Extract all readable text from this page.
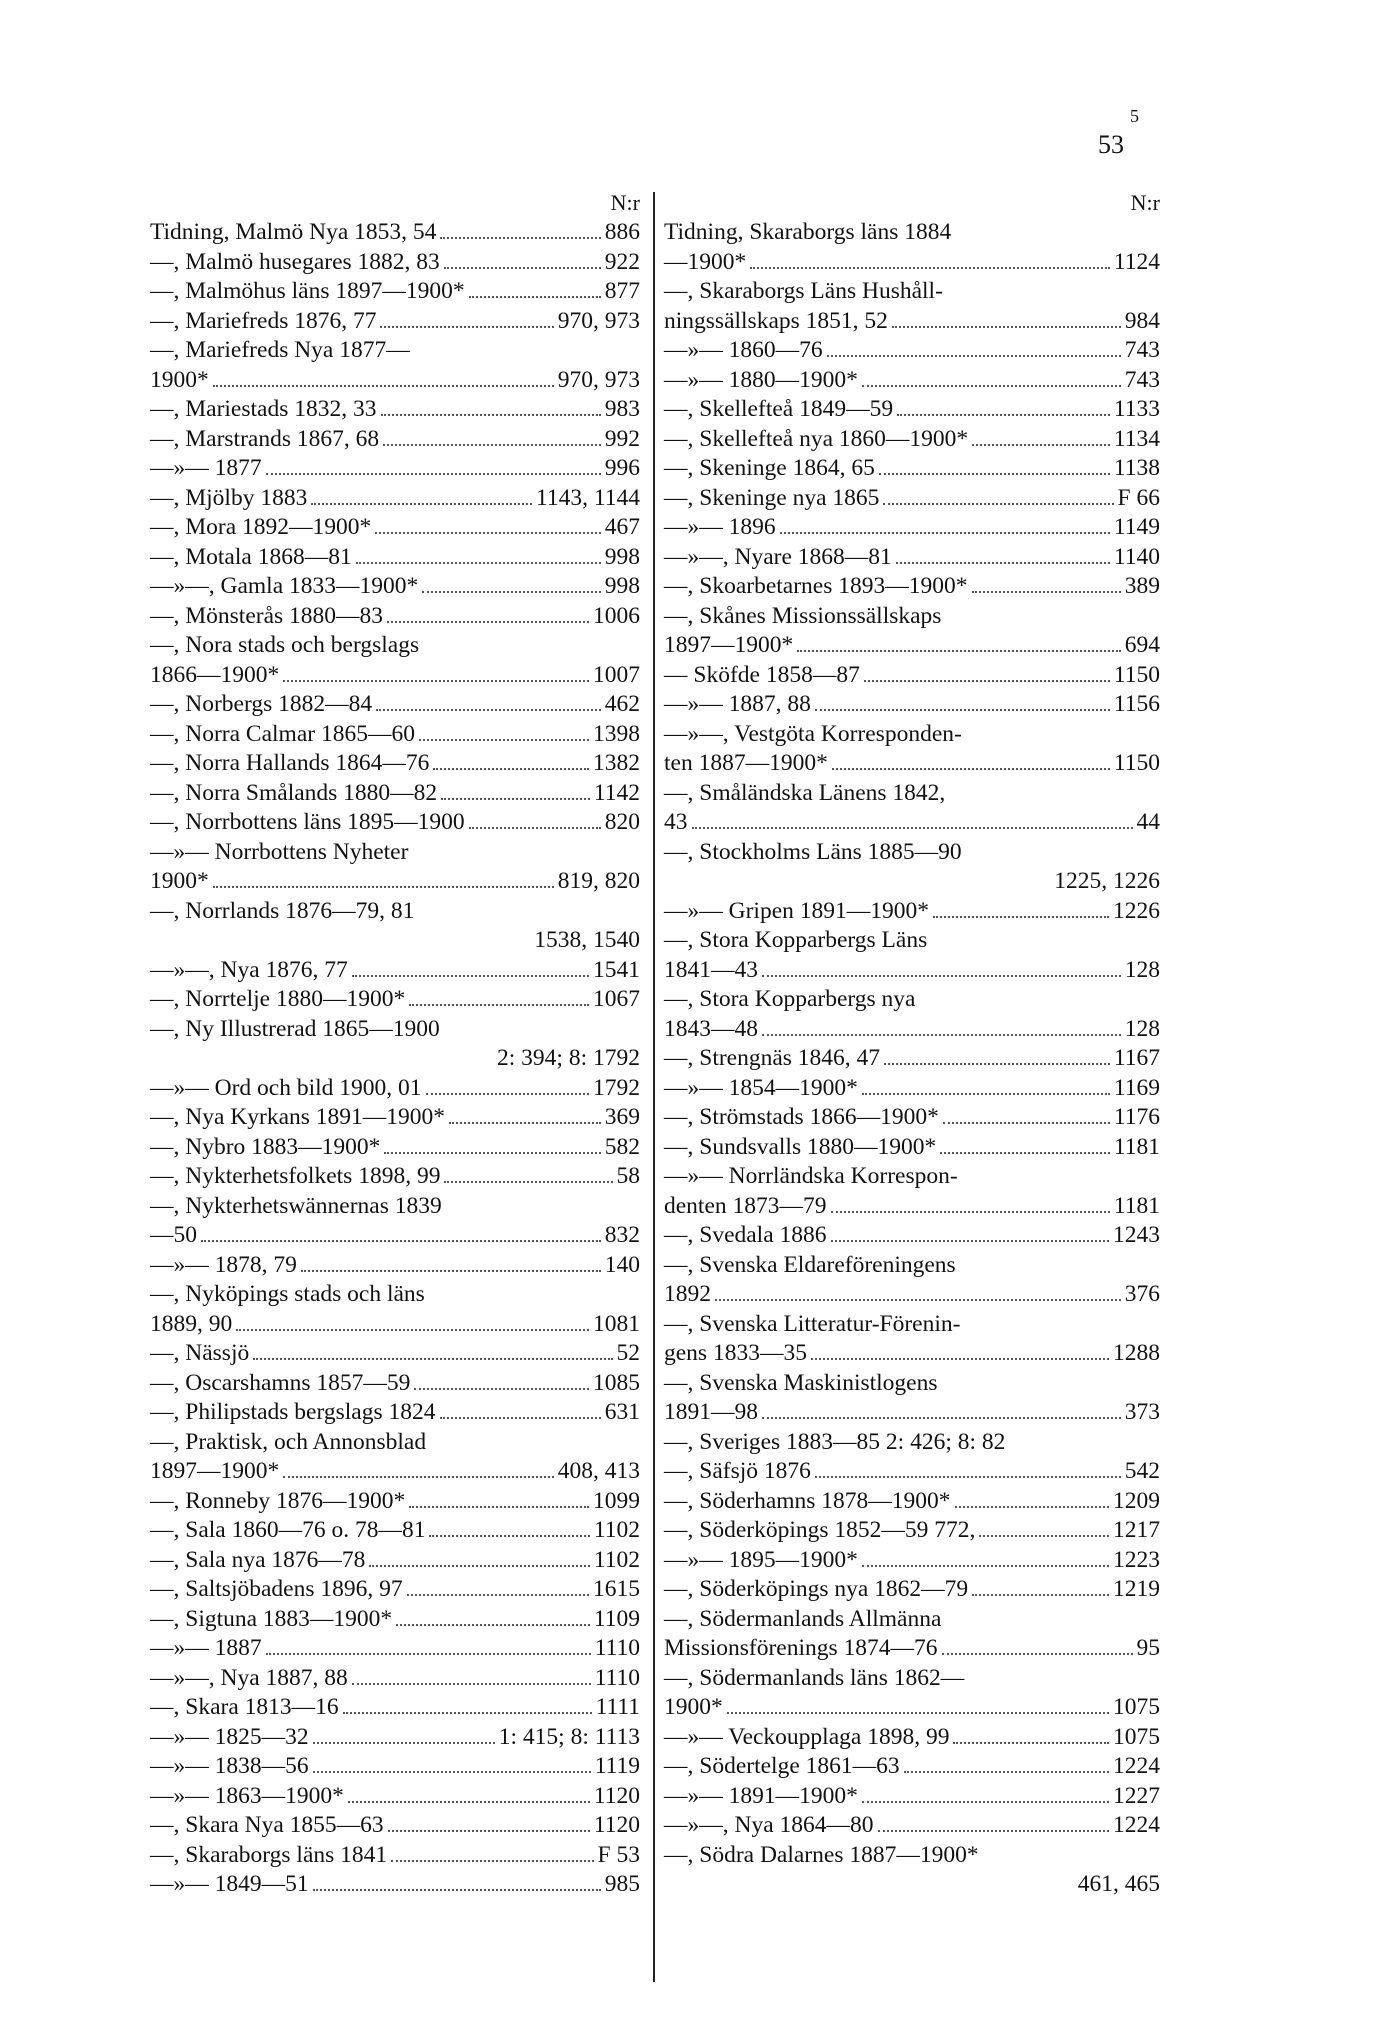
5
53
N:r
Tidning, Malmö Nya 1853, 54	886
—, Malmö husegares 1882, 83	922
—, Malmöhus läns 1897—1900*	877
—, Mariefreds 1876, 77	970, 973
—, Mariefreds Nya 1877—
1900*	970, 973
—, Mariestads 1832, 33	983
—, Marstrands 1867, 68	992
—»— 1877	996
—, Mjölby 1883	1143, 1144
—, Mora 1892—1900*	467
—, Motala 1868—81	998
—»—, Gamla 1833—1900*	998
—, Mönsterås 1880—83	1006
—, Nora stads och bergslags
1866—1900*	1007
—, Norbergs 1882—84	462
—, Norra Calmar 1865—60	1398
—, Norra Hallands 1864—76	1382
—, Norra Smålands 1880—82	1142
—, Norrbottens läns 1895—1900	820
—»— Norrbottens Nyheter
1900*	819, 820
—, Norrlands 1876—79, 81
1538, 1540
—»—, Nya 1876, 77	1541
—, Norrtelje 1880—1900*	1067
—, Ny Illustrerad 1865—1900
2: 394; 8: 1792
—»— Ord och bild 1900, 01	1792
—, Nya Kyrkans 1891—1900*	369
—, Nybro 1883—1900*	582
—, Nykterhetsfolkets 1898, 99	58
—, Nykterhetswännernas 1839
—50	832
—»— 1878, 79	140
—, Nyköpings stads och läns
1889, 90	1081
—, Nässjö	52
—, Oscarshamns 1857—59	1085
—, Philipstads bergslags 1824	631
—, Praktisk, och Annonsblad
1897—1900*	408, 413
—, Ronneby 1876—1900*	1099
—, Sala 1860—76 o. 78—81	1102
—, Sala nya 1876—78	1102
—, Saltsjöbadens 1896, 97	1615
—, Sigtuna 1883—1900*	1109
—»— 1887	1110
—»—, Nya 1887, 88	1110
—, Skara 1813—16	1111
—»— 1825—32	1: 415; 8: 1113
—»— 1838—56	1119
—»— 1863—1900*	1120
—, Skara Nya 1855—63	1120
—, Skaraborgs läns 1841	F 53
—»— 1849—51	985
N:r
Tidning, Skaraborgs läns 1884
—1900*	1124
—, Skaraborgs Läns Hushåll-
ningssällskaps 1851, 52	984
—»— 1860—76	743
—»— 1880—1900*	743
—, Skellefteå 1849—59	1133
—, Skellefteå nya 1860—1900*	1134
—, Skeninge 1864, 65	1138
—, Skeninge nya 1865	F 66
—»— 1896	1149
—»—, Nyare 1868—81	1140
—, Skoarbetarnes 1893—1900*	389
—, Skånes Missionssällskaps
1897—1900*	694
— Sköfde 1858—87	1150
—»— 1887, 88	1156
—»—, Vestgöta Korresponden-
ten 1887—1900*	1150
—, Småländska Länens 1842,
43	44
—, Stockholms Läns 1885—90
1225, 1226
—»— Gripen 1891—1900*	1226
—, Stora Kopparbergs Läns
1841—43	128
—, Stora Kopparbergs nya
1843—48	128
—, Strengnäs 1846, 47	1167
—»— 1854—1900*	1169
—, Strömstads 1866—1900*	1176
—, Sundsvalls 1880—1900*	1181
—»— Norrländska Korrespon-
denten 1873—79	1181
—, Svedala 1886	1243
—, Svenska Eldareföreningens
1892	376
—, Svenska Litteratur-Förenin-
gens 1833—35	1288
—, Svenska Maskinistlogens
1891—98	373
—, Sveriges 1883—85 2: 426; 8: 82
—, Säfsjö 1876	542
—, Söderhamns 1878—1900*	1209
—, Söderköpings 1852—59 772,	1217
—»— 1895—1900*	1223
—, Söderköpings nya 1862—79	1219
—, Södermanlands Allmänna
Missionsförenings 1874—76	95
—, Södermanlands läns 1862—
1900*	1075
—»— Veckoupplaga 1898, 99	1075
—, Södertelge 1861—63	1224
—»— 1891—1900*	1227
—»—, Nya 1864—80	1224
—, Södra Dalarnes 1887—1900*
461, 465
